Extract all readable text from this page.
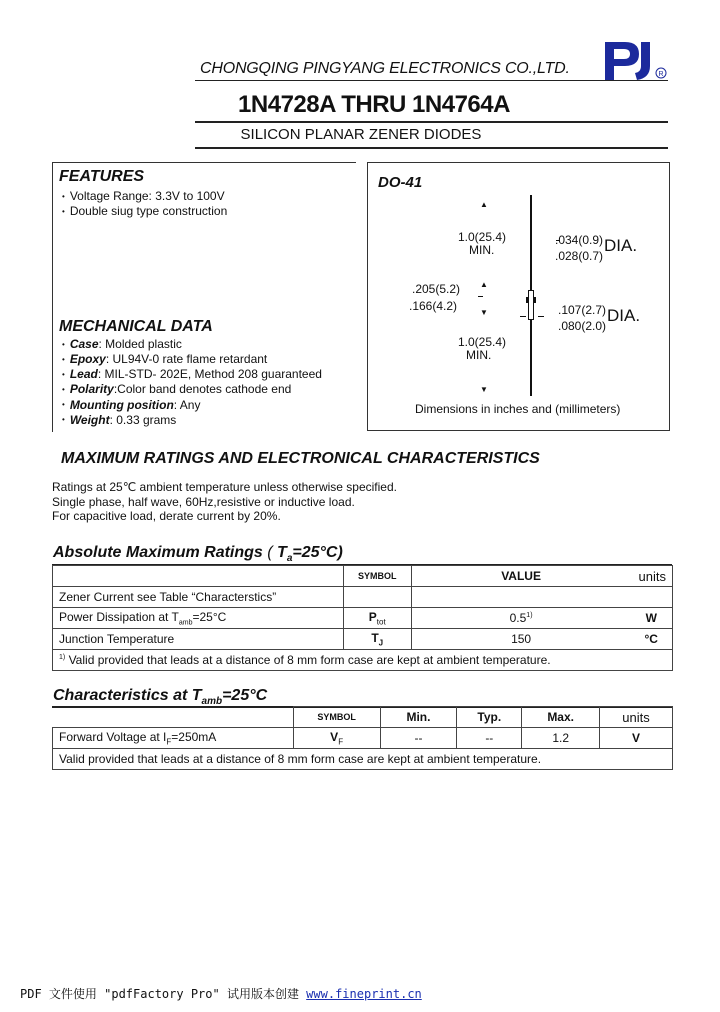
CHONGQING PINGYANG ELECTRONICS CO.,LTD.	R
1N4728A THRU 1N4764A
SILICON PLANAR ZENER DIODES
FEATURES
• Voltage Range: 3.3V to 100V
• Double siug type construction
MECHANICAL DATA
• Case: Molded plastic
• Epoxy: UL94V-0 rate flame retardant
• Lead: MIL-STD- 202E, Method 208 guaranteed
• Polarity:Color band denotes cathode end
• Mounting position: Any
• Weight: 0.33 grams
DO-41
▲
▲
▼
▼
1.0(25.4)
MIN.
.034(0.9)
.028(0.7)
DIA.
.205(5.2)
.166(4.2)	.107(2.7)
.080(2.0)
DIA.
1.0(25.4)
MIN.
Dimensions in inches and (millimeters)
MAXIMUM RATINGS AND ELECTRONICAL CHARACTERISTICS
Ratings at 25℃ ambient temperature unless otherwise specified.
Single phase, half wave, 60Hz,resistive or inductive load.
For capacitive load, derate current by 20%.
Absolute Maximum Ratings ( $T_a=25^\circ C$)
	SYMBOL	VALUE	units
Zener Current see Table “Characterstics”			
Power Dissipation at $T_{amb}=25^\circ C$	$P_{tot}$	0.5$^{1)}$	W
Junction Temperature	$T_J$	150	°C
$^{1)}$ Valid provided that leads at a distance of 8 mm form case are kept at ambient temperature.			
Characteristics at $T_{amb}=25^\circ C$
	SYMBOL	Min.	Typ.	Max.	units
Forward Voltage at $I_F=250mA$	$V_F$	--	--	1.2	V
Valid provided that leads at a distance of 8 mm form case are kept at ambient temperature.					
PDF 文件使用 "pdfFactory Pro" 试用版本创建 www.fineprint.cn
